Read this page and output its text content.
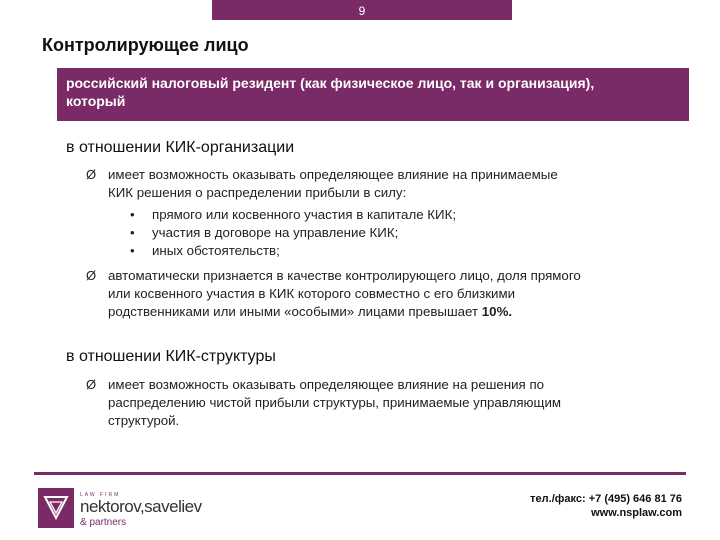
9
Контролирующее лицо
российский налоговый резидент (как физическое лицо, так и организация),
который
в отношении КИК-организации
Ø имеет возможность оказывать определяющее влияние на принимаемые
КИК решения о распределении прибыли в силу:
• прямого или косвенного участия в капитале КИК;
• участия в договоре на управление КИК;
• иных обстоятельств;
Ø автоматически признается в качестве контролирующего лицо, доля прямого
или косвенного участия в КИК которого совместно с его близкими
родственниками или иными «особыми» лицами превышает 10%.
в отношении КИК-структуры
Ø имеет возможность оказывать определяющее влияние на решения по
распределению чистой прибыли структуры, принимаемые управляющим
структурой.
LAW FIRM
nektorov,saveliev
& partners
тел./факс: +7 (495) 646 81 76
www.nsplaw.com
